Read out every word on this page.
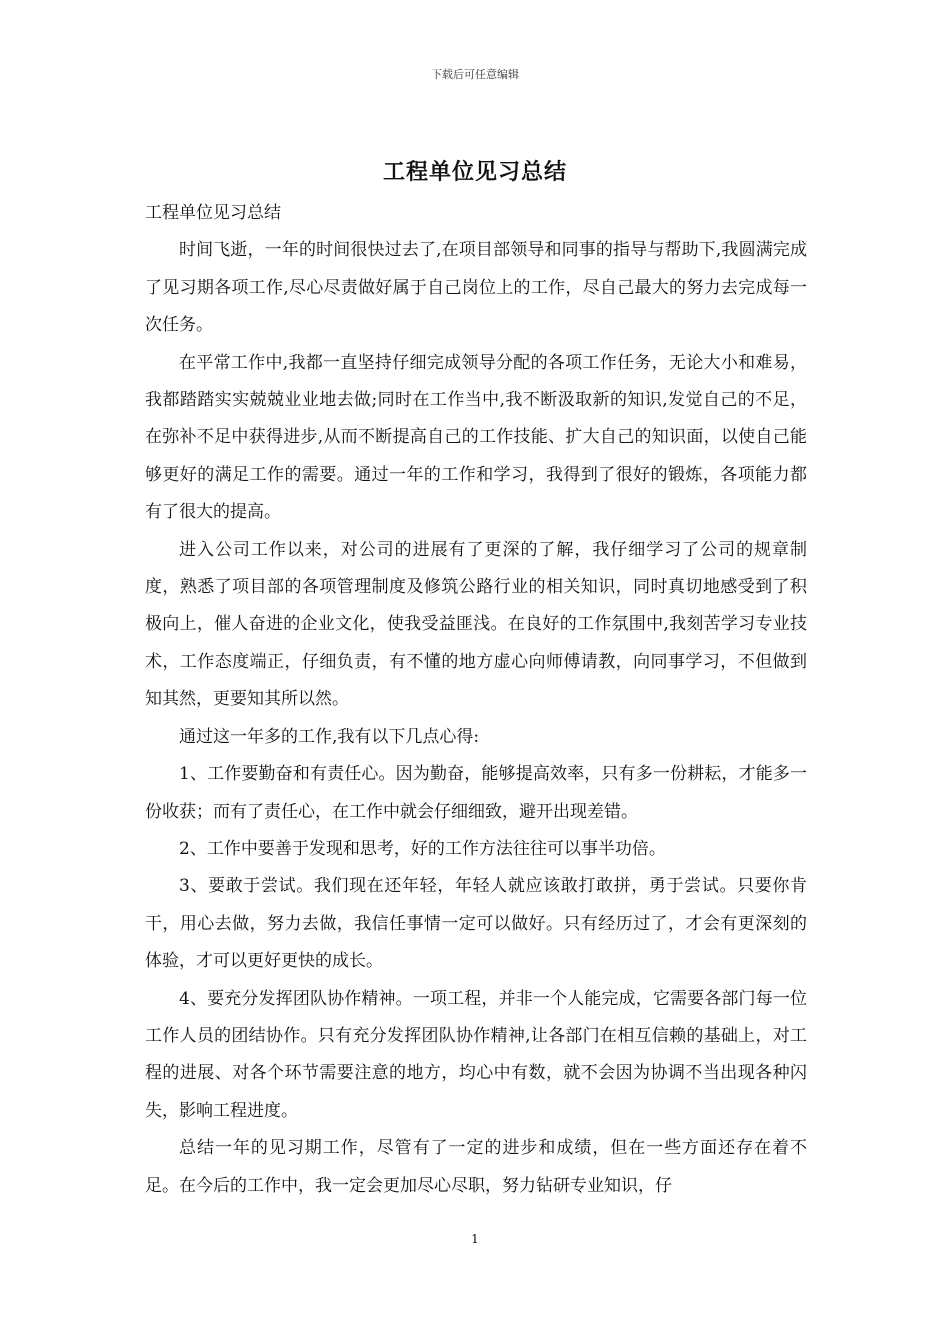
下载后可任意编辑
工程单位见习总结

工程单位见习总结

时间飞逝，一年的时间很快过去了,在项目部领导和同事的指导与帮助下,我圆满完成了见习期各项工作,尽心尽责做好属于自己岗位上的工作，尽自己最大的努力去完成每一次任务。

在平常工作中,我都一直坚持仔细完成领导分配的各项工作任务，无论大小和难易，我都踏踏实实兢兢业业地去做;同时在工作当中,我不断汲取新的知识,发觉自己的不足，在弥补不足中获得进步,从而不断提高自己的工作技能、扩大自己的知识面，以使自己能够更好的满足工作的需要。通过一年的工作和学习，我得到了很好的锻炼，各项能力都有了很大的提高。

进入公司工作以来，对公司的进展有了更深的了解，我仔细学习了公司的规章制度，熟悉了项目部的各项管理制度及修筑公路行业的相关知识，同时真切地感受到了积极向上，催人奋进的企业文化，使我受益匪浅。在良好的工作氛围中,我刻苦学习专业技术，工作态度端正，仔细负责，有不懂的地方虚心向师傅请教，向同事学习，不但做到知其然，更要知其所以然。

通过这一年多的工作,我有以下几点心得:

1、工作要勤奋和有责任心。因为勤奋，能够提高效率，只有多一份耕耘，才能多一份收获；而有了责任心，在工作中就会仔细细致，避开出现差错。

2、工作中要善于发现和思考，好的工作方法往往可以事半功倍。

3、要敢于尝试。我们现在还年轻，年轻人就应该敢打敢拼，勇于尝试。只要你肯干，用心去做，努力去做，我信任事情一定可以做好。只有经历过了，才会有更深刻的体验，才可以更好更快的成长。

4、要充分发挥团队协作精神。一项工程，并非一个人能完成，它需要各部门每一位工作人员的团结协作。只有充分发挥团队协作精神,让各部门在相互信赖的基础上，对工程的进展、对各个环节需要注意的地方，均心中有数，就不会因为协调不当出现各种闪失，影响工程进度。

总结一年的见习期工作，尽管有了一定的进步和成绩，但在一些方面还存在着不足。在今后的工作中，我一定会更加尽心尽职，努力钻研专业知识，仔

1
